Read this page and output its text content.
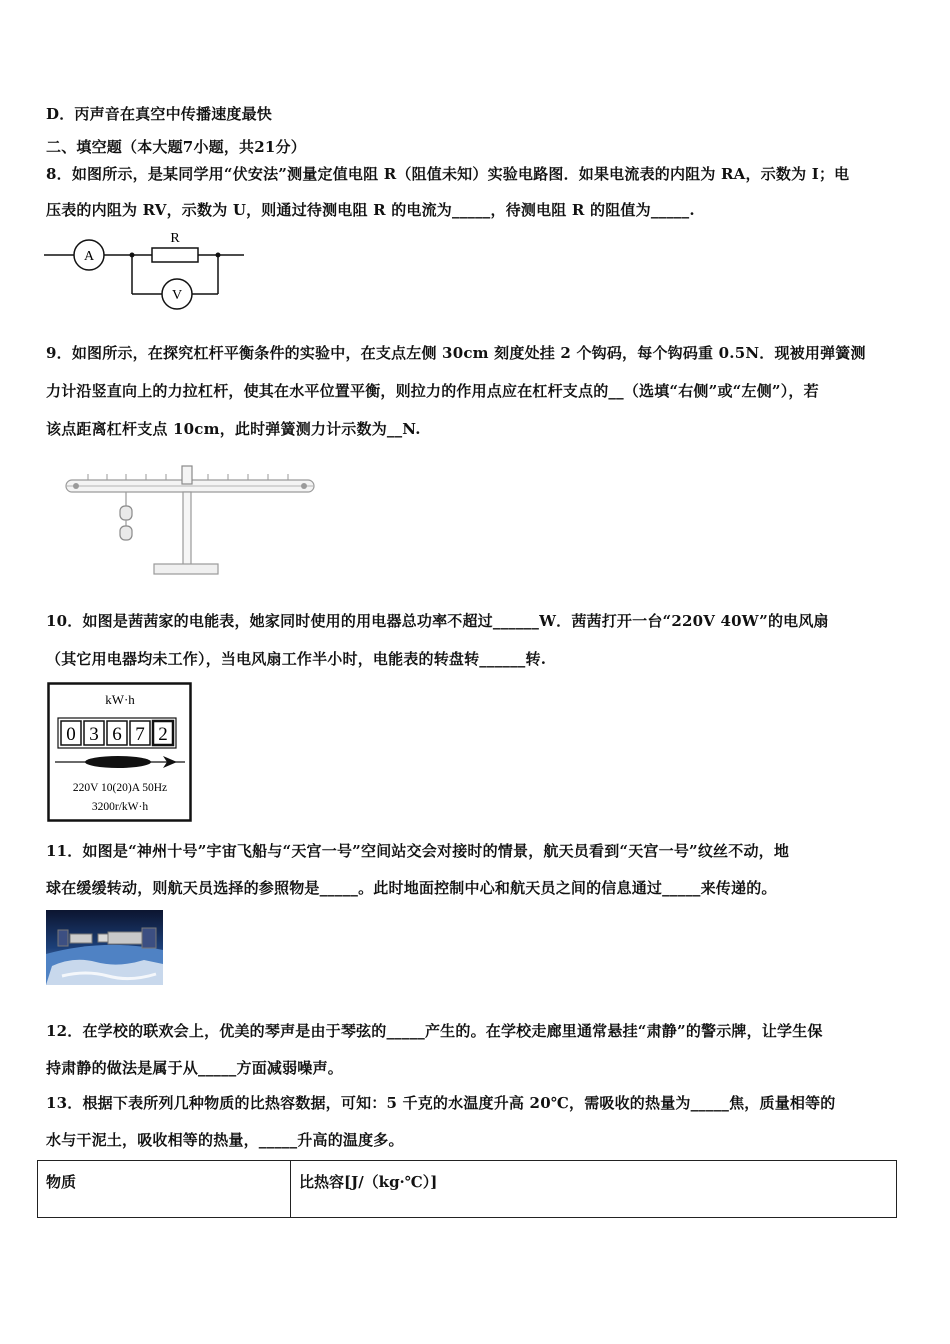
D．丙声音在真空中传播速度最快
二、填空题（本大题7小题，共21分）
8．如图所示，是某同学用“伏安法”测量定值电阻 R（阻值未知）实验电路图．如果电流表的内阻为 RA，示数为 I；电
压表的内阻为 RV，示数为 U，则通过待测电阻 R 的电流为_____，待测电阻 R 的阻值为_____.
A
R
V
9．如图所示，在探究杠杆平衡条件的实验中，在支点左侧 30cm 刻度处挂 2 个钩码，每个钩码重 0.5N．现被用弹簧测
力计沿竖直向上的力拉杠杆，使其在水平位置平衡，则拉力的作用点应在杠杆支点的__（选填“右侧”或“左侧”），若
该点距离杠杆支点 10cm，此时弹簧测力计示数为__N.
10．如图是茜茜家的电能表，她家同时使用的用电器总功率不超过______W．茜茜打开一台“220V 40W”的电风扇
（其它用电器均未工作），当电风扇工作半小时，电能表的转盘转______转.
kW·h
0 3 6 7 2
220V 10(20)A 50Hz
3200r/kW·h
11．如图是“神州十号”宇宙飞船与“天宫一号”空间站交会对接时的情景，航天员看到“天宫一号”纹丝不动，地
球在缓缓转动，则航天员选择的参照物是_____。此时地面控制中心和航天员之间的信息通过_____来传递的。
12．在学校的联欢会上，优美的琴声是由于琴弦的_____产生的。在学校走廊里通常悬挂“肃静”的警示牌，让学生保
持肃静的做法是属于从_____方面减弱噪声。
13．根据下表所列几种物质的比热容数据，可知：5 千克的水温度升高 20℃，需吸收的热量为_____焦，质量相等的
水与干泥土，吸收相等的热量，_____升高的温度多。
物质	比热容[J/（kg·℃）]
